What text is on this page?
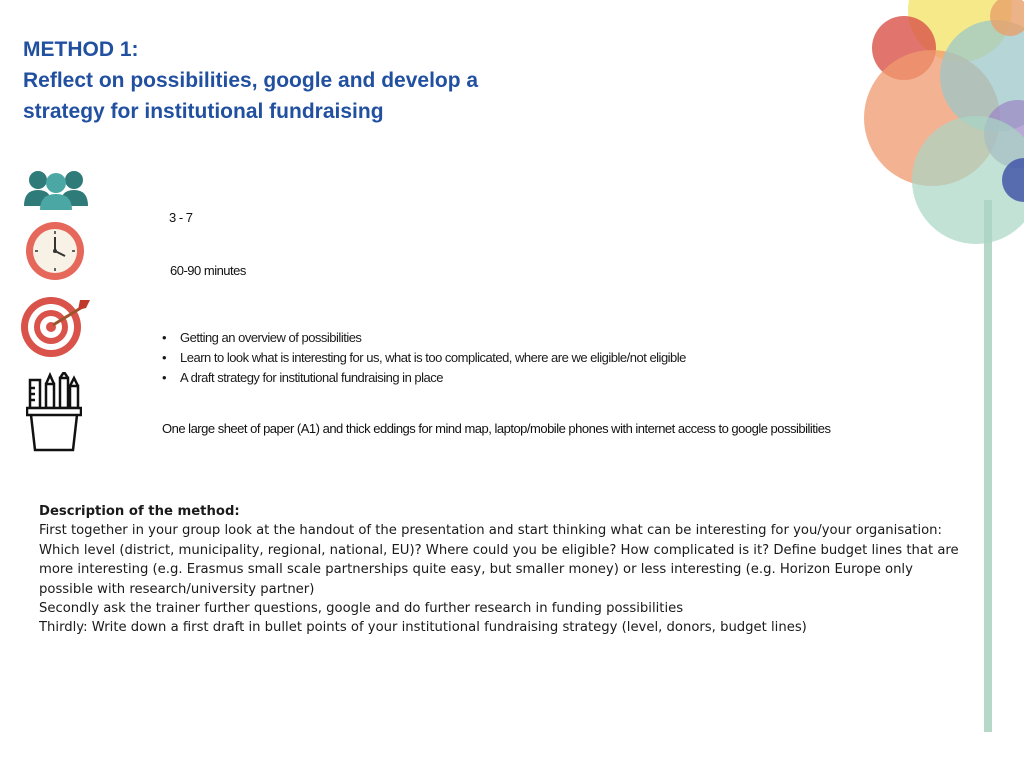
METHOD 1:

Reflect on possibilities, google and develop a

strategy for institutional fundraising

3 - 7
60-90 minutes
• Getting an overview of possibilities
• Learn to look what is interesting for us, what is too complicated, where are we eligible/not eligible
• A draft strategy for institutional fundraising in place
One large sheet of paper (A1) and thick eddings for mind map, laptop/mobile phones with internet access to google possibilities

Description of the method:

First together in your group look at the handout of the presentation and start thinking what can be interesting for you/your organisation: Which level (district, municipality, regional, national, EU)? Where could you be eligible? How complicated is it? Define budget lines that are more interesting (e.g. Erasmus small scale partnerships quite easy, but smaller money) or less interesting (e.g. Horizon Europe only possible with research/university partner)

Secondly ask the trainer further questions, google and do further research in funding possibilities

Thirdly: Write down a first draft in bullet points of your institutional fundraising strategy (level, donors, budget lines)
